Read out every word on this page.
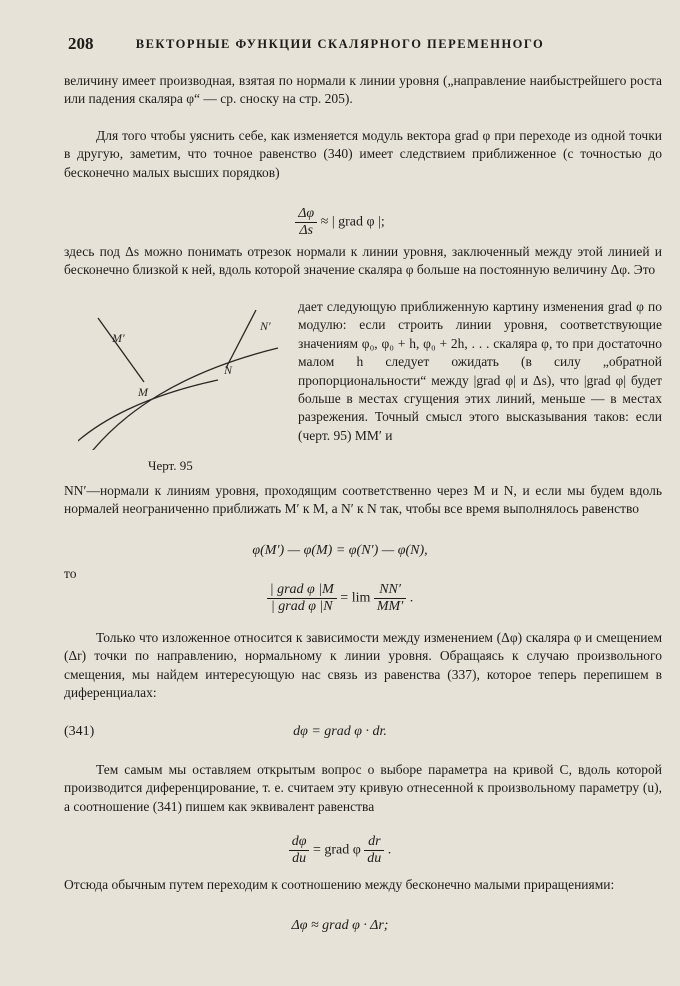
208	ВЕКТОРНЫЕ ФУНКЦИИ СКАЛЯРНОГО ПЕРЕМЕННОГО
величину имеет производная, взятая по нормали к линии уровня („направление наибыстрейшего роста или падения скаляра φ“ — ср. сноску на стр. 205).
Для того чтобы уяснить себе, как изменяется модуль вектора grad φ при переходе из одной точки в другую, заметим, что точное равенство (340) имеет следствием приближенное (с точностью до бесконечно малых высших порядков)
$\frac{\Delta\varphi}{\Delta s}$ ≈ | grad φ |;
здесь под Δs можно понимать отрезок нормали к линии уровня, заключенный между этой линией и бесконечно близкой к ней, вдоль которой значение скаляра φ больше на постоянную величину Δφ. Это
M
M′
N
N′
Черт. 95
дает следующую приближенную картину изменения grad φ по модулю: если строить линии уровня, соответствующие значениям φ₀, φ₀ + h, φ₀ + 2h, . . . скаляра φ, то при достаточно малом h следует ожидать (в силу „обратной пропорциональности“ между |grad φ| и Δs), что |grad φ| будет больше в местах сгущения этих линий, меньше — в местах разрежения. Точный смысл этого высказывания таков: если (черт. 95) MM′ и
NN′—нормали к линиям уровня, проходящим соответственно через M и N, и если мы будем вдоль нормалей неограниченно приближать M′ к M, а N′ к N так, чтобы все время выполнялось равенство
φ(M′) — φ(M) = φ(N′) — φ(N),
то
$\frac{\text{| grad φ |M}}{\text{| grad φ |N}} = \lim \frac{NN'}{MM'}$ .
Только что изложенное относится к зависимости между изменением (Δφ) скаляра φ и смещением (Δr) точки по направлению, нормальному к линии уровня. Обращаясь к случаю произвольного смещения, мы найдем интересующую нас связь из равенства (337), которое теперь перепишем в диференциалах:
(341)	dφ = grad φ · dr.
Тем самым мы оставляем открытым вопрос о выборе параметра на кривой C, вдоль которой производится диференцирование, т. е. считаем эту кривую отнесенной к произвольному параметру (u), а соотношение (341) пишем как эквивалент равенства
$\frac{d\varphi}{du}$ = grad φ $\frac{dr}{du}$ .
Отсюда обычным путем переходим к соотношению между бесконечно малыми приращениями:
Δφ ≈ grad φ · Δr;
